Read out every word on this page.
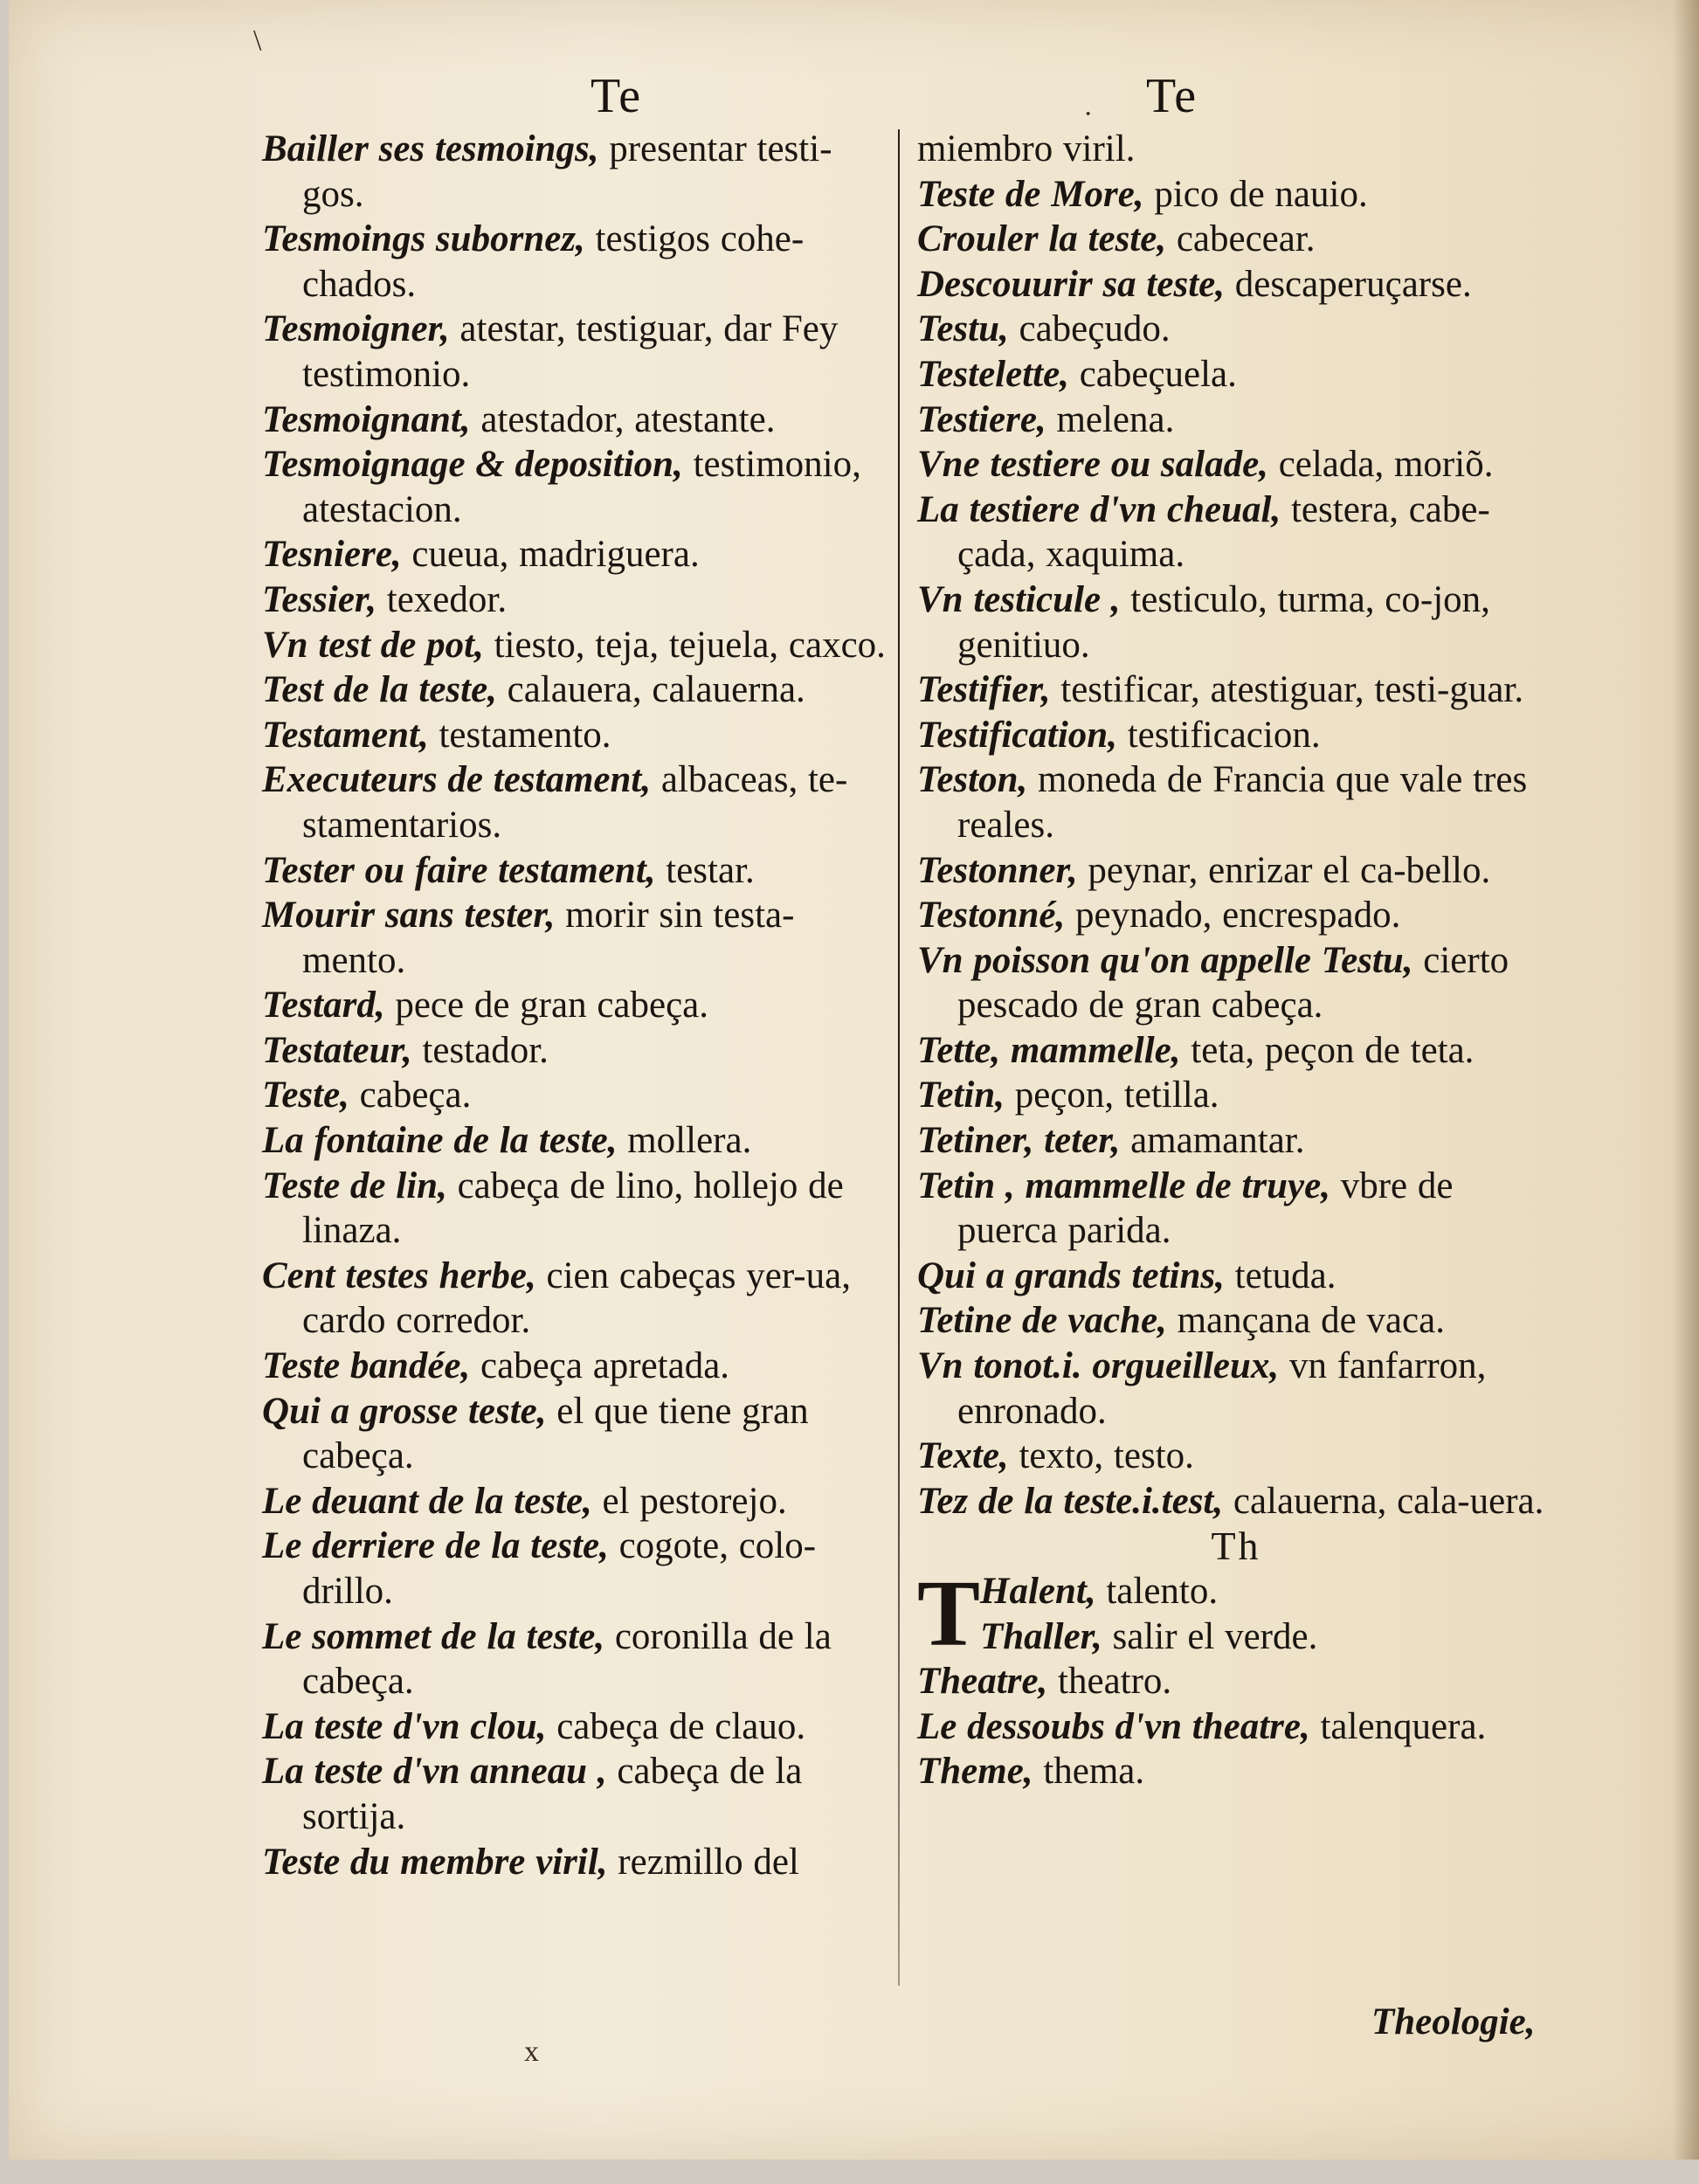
\
·
x
Te	Te
Bailler ses tesmoings, presentar testi-gos.
Tesmoings subornez, testigos cohe-chados.
Tesmoigner, atestar, testiguar, dar Fey testimonio.
Tesmoignant, atestador, atestante.
Tesmoignage & deposition, testimonio, atestacion.
Tesniere, cueua, madriguera.
Tessier, texedor.
Vn test de pot, tiesto, teja, tejuela, caxco.
Test de la teste, calauera, calauerna.
Testament, testamento.
Executeurs de testament, albaceas, te-stamentarios.
Tester ou faire testament, testar.
Mourir sans tester, morir sin testa-mento.
Testard, pece de gran cabeça.
Testateur, testador.
Teste, cabeça.
La fontaine de la teste, mollera.
Teste de lin, cabeça de lino, hollejo de linaza.
Cent testes herbe, cien cabeças yer-ua, cardo corredor.
Teste bandée, cabeça apretada.
Qui a grosse teste, el que tiene gran cabeça.
Le deuant de la teste, el pestorejo.
Le derriere de la teste, cogote, colo-drillo.
Le sommet de la teste, coronilla de la cabeça.
La teste d'vn clou, cabeça de clauo.
La teste d'vn anneau , cabeça de la sortija.
Teste du membre viril, rezmillo del
miembro viril.
Teste de More, pico de nauio.
Crouler la teste, cabecear.
Descouurir sa teste, descaperuçarse.
Testu, cabeçudo.
Testelette, cabeçuela.
Testiere, melena.
Vne testiere ou salade, celada, moriõ.
La testiere d'vn cheual, testera, cabe-çada, xaquima.
Vn testicule , testiculo, turma, co-jon, genitiuo.
Testifier, testificar, atestiguar, testi-guar.
Testification, testificacion.
Teston, moneda de Francia que vale tres reales.
Testonner, peynar, enrizar el ca-bello.
Testonné, peynado, encrespado.
Vn poisson qu'on appelle Testu, cierto pescado de gran cabeça.
Tette, mammelle, teta, peçon de teta.
Tetin, peçon, tetilla.
Tetiner, teter, amamantar.
Tetin , mammelle de truye, vbre de puerca parida.
Qui a grands tetins, tetuda.
Tetine de vache, mançana de vaca.
Vn tonot.i. orgueilleux, vn fanfarron, enronado.
Texte, texto, testo.
Tez de la teste.i.test, calauerna, cala-uera.
Th
T Halent, talento.
Thaller, salir el verde.
Theatre, theatro.
Le dessoubs d'vn theatre, talenquera.
Theme, thema.
Theologie,
